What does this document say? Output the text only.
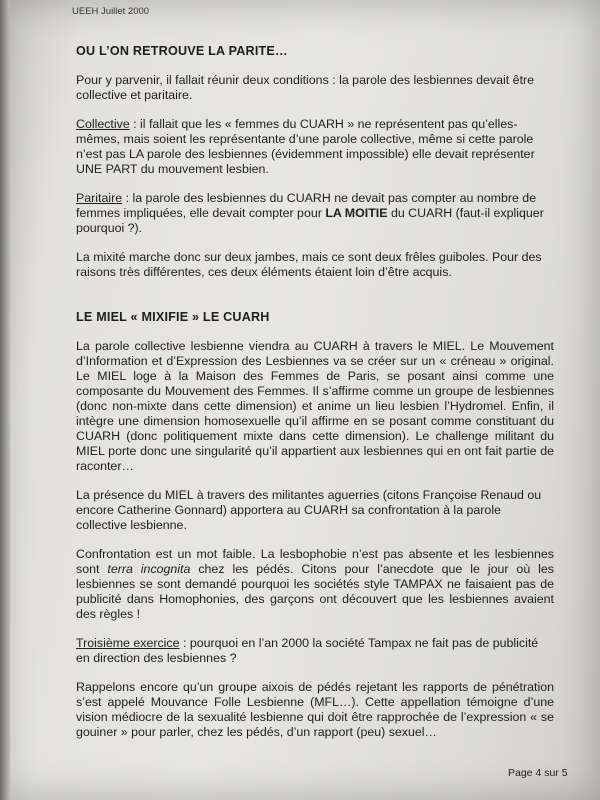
UEEH Juillet 2000
OU L’ON RETROUVE LA PARITE…

Pour y parvenir, il fallait réunir deux conditions : la parole des lesbiennes devait être collective et paritaire.

Collective : il fallait que les « femmes du CUARH » ne représentent pas qu’elles-mêmes, mais soient les représentante d’une parole collective, même si cette parole n’est pas LA parole des lesbiennes (évidemment impossible) elle devait représenter UNE PART du mouvement lesbien.

Paritaire : la parole des lesbiennes du CUARH ne devait pas compter au nombre de femmes impliquées, elle devait compter pour LA MOITIE du CUARH (faut-il expliquer pourquoi ?).

La mixité marche donc sur deux jambes, mais ce sont deux frêles guiboles. Pour des raisons très différentes, ces deux éléments étaient loin d’être acquis.

LE MIEL « MIXIFIE » LE CUARH

La parole collective lesbienne viendra au CUARH à travers le MIEL. Le Mouvement d’Information et d’Expression des Lesbiennes va se créer sur un « créneau » original. Le MIEL loge à la Maison des Femmes de Paris, se posant ainsi comme une composante du Mouvement des Femmes. Il s’affirme comme un groupe de lesbiennes (donc non-mixte dans cette dimension) et anime un lieu lesbien l’Hydromel. Enfin, il intègre une dimension homosexuelle qu’il affirme en se posant comme constituant du CUARH (donc politiquement mixte dans cette dimension). Le challenge militant du MIEL porte donc une singularité qu’il appartient aux lesbiennes qui en ont fait partie de raconter…

La présence du MIEL à travers des militantes aguerries (citons Françoise Renaud ou encore Catherine Gonnard) apportera au CUARH sa confrontation à la parole collective lesbienne.

Confrontation est un mot faible. La lesbophobie n’est pas absente et les lesbiennes sont terra incognita chez les pédés. Citons pour l’anecdote que le jour où les lesbiennes se sont demandé pourquoi les sociétés style TAMPAX ne faisaient pas de publicité dans Homophonies, des garçons ont découvert que les lesbiennes avaient des règles !

Troisième exercice : pourquoi en l’an 2000 la société Tampax ne fait pas de publicité en direction des lesbiennes ?

Rappelons encore qu’un groupe aixois de pédés rejetant les rapports de pénétration s’est appelé Mouvance Folle Lesbienne (MFL…). Cette appellation témoigne d’une vision médiocre de la sexualité lesbienne qui doit être rapprochée de l’expression « se gouiner » pour parler, chez les pédés, d’un rapport (peu) sexuel…

Page 4 sur 5
